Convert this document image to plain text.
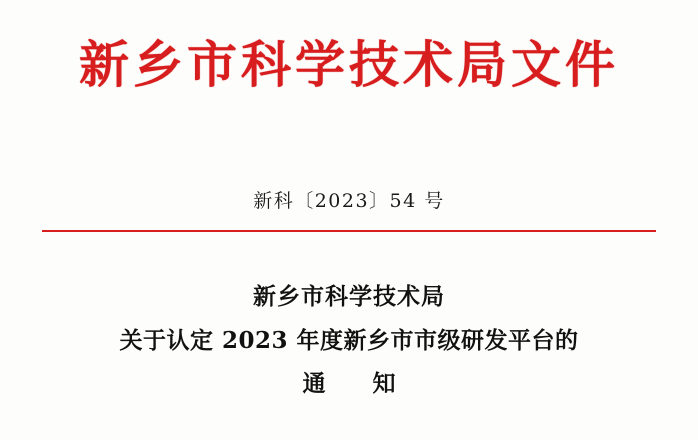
新乡市科学技术局文件
新科〔2023〕54 号
新乡市科学技术局
关于认定 2023 年度新乡市市级研发平台的
通　知
